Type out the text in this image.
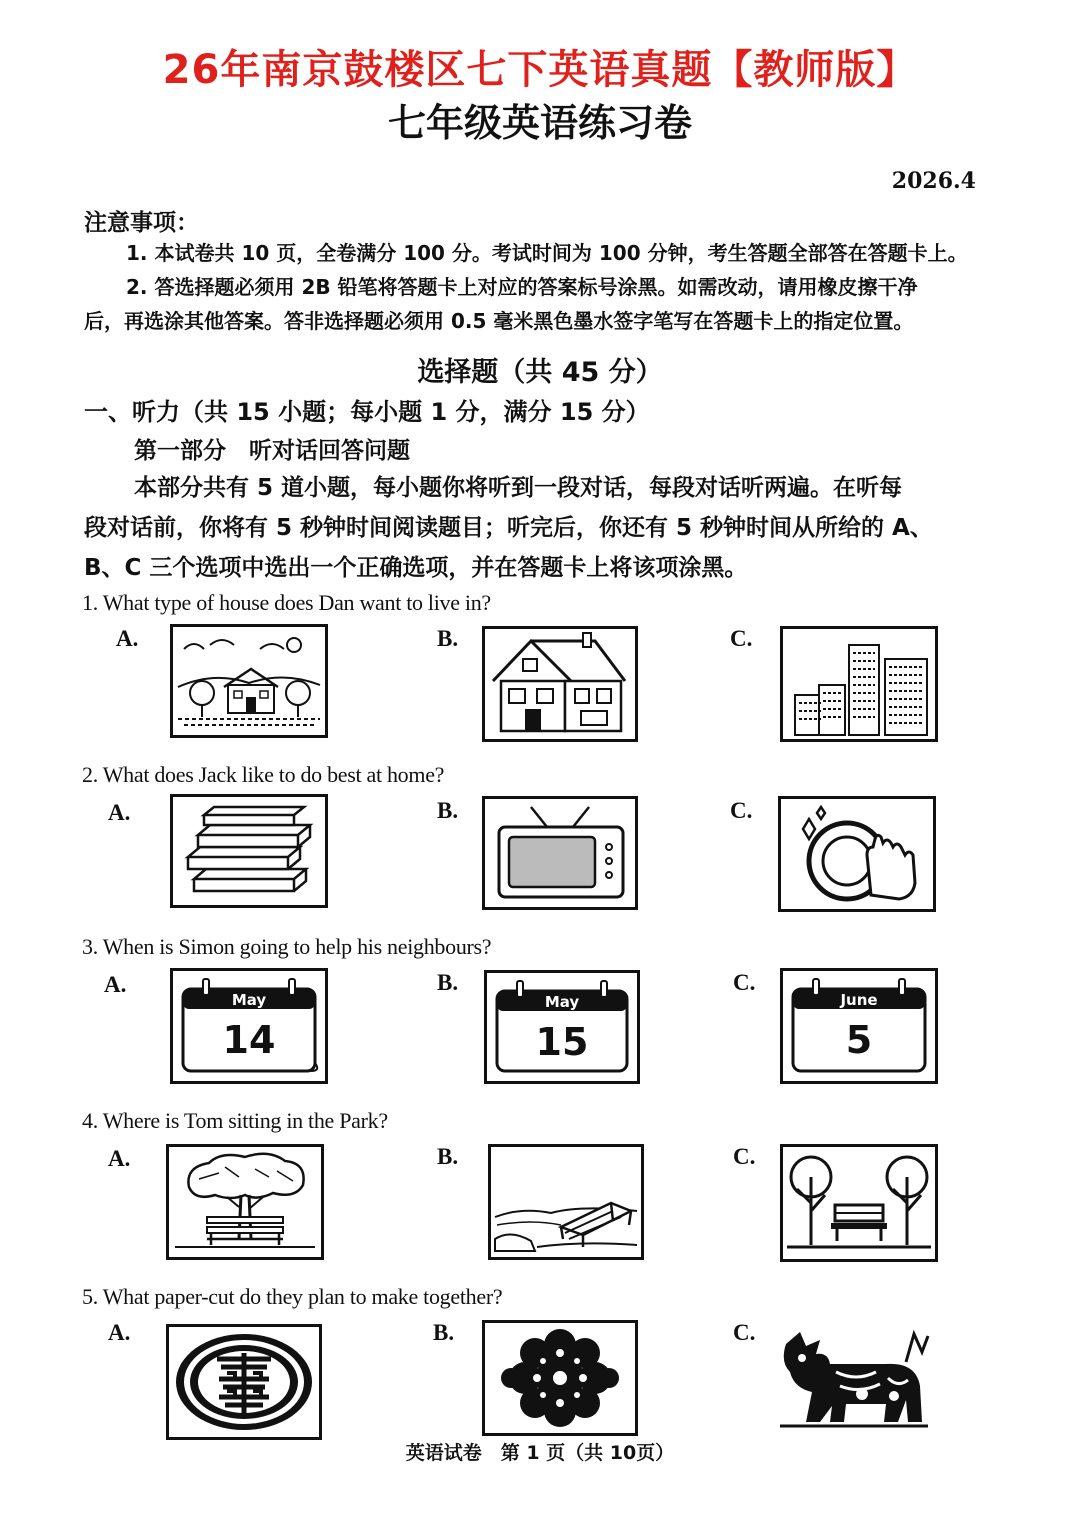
26年南京鼓楼区七下英语真题【教师版】
七年级英语练习卷
2026.4
注意事项：
1. 本试卷共 10 页，全卷满分 100 分。考试时间为 100 分钟，考生答题全部答在答题卡上。
2. 答选择题必须用 2B 铅笔将答题卡上对应的答案标号涂黑。如需改动，请用橡皮擦干净
后，再选涂其他答案。答非选择题必须用 0.5 毫米黑色墨水签字笔写在答题卡上的指定位置。
选择题（共 45 分）
一、听力（共 15 小题；每小题 1 分，满分 15 分）
第一部分　听对话回答问题
本部分共有 5 道小题，每小题你将听到一段对话，每段对话听两遍。在听每
段对话前，你将有 5 秒钟时间阅读题目；听完后，你还有 5 秒钟时间从所给的 A、
B、C 三个选项中选出一个正确选项，并在答题卡上将该项涂黑。
1. What type of house does Dan want to live in?
A.	B.	C.
2. What does Jack like to do best at home?
A.	B.	C.
3. When is Simon going to help his neighbours?
A.	B.	C.
May
14
May
15
June
5
4. Where is Tom sitting in the Park?
A.	B.	C.
5. What paper-cut do they plan to make together?
A.	B.	C.
英语试卷　第 1 页（共 10页）
